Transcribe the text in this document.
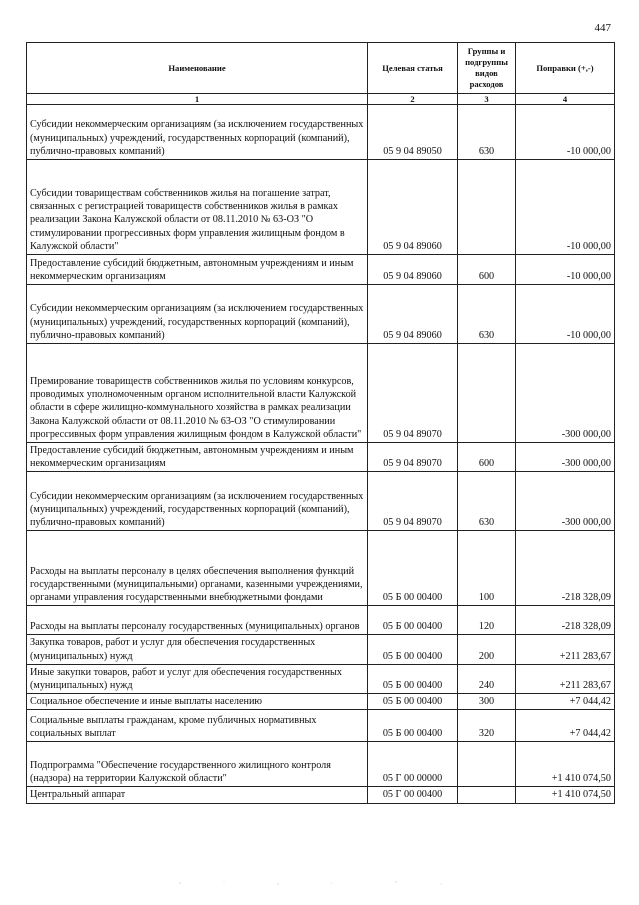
447
Наименование	Целевая статья	Группы и подгруппы видов расходов	Поправки (+,-)
1	2	3	4
Субсидии некоммерческим организациям (за исключением государственных (муниципальных) учреждений, государственных корпораций (компаний), публично-правовых компаний)	05 9 04 89050	630	-10 000,00
Субсидии товариществам собственников жилья на погашение затрат, связанных с регистрацией товариществ собственников жилья в рамках реализации Закона Калужской области от 08.11.2010 № 63-ОЗ "О стимулировании прогрессивных форм управления жилищным фондом в Калужской области"	05 9 04 89060		-10 000,00
Предоставление субсидий бюджетным, автономным учреждениям и иным некоммерческим организациям	05 9 04 89060	600	-10 000,00
Субсидии некоммерческим организациям (за исключением государственных (муниципальных) учреждений, государственных корпораций (компаний), публично-правовых компаний)	05 9 04 89060	630	-10 000,00
Премирование товариществ собственников жилья по условиям конкурсов, проводимых уполномоченным органом исполнительной власти Калужской области в сфере жилищно-коммунального хозяйства в рамках реализации Закона Калужской области от 08.11.2010 № 63-ОЗ "О стимулировании прогрессивных форм управления жилищным фондом в Калужской области"	05 9 04 89070		-300 000,00
Предоставление субсидий бюджетным, автономным учреждениям и иным некоммерческим организациям	05 9 04 89070	600	-300 000,00
Субсидии некоммерческим организациям (за исключением государственных (муниципальных) учреждений, государственных корпораций (компаний), публично-правовых компаний)	05 9 04 89070	630	-300 000,00
Расходы на выплаты персоналу в целях обеспечения выполнения функций государственными (муниципальными) органами, казенными учреждениями, органами управления государственными внебюджетными фондами	05 Б 00 00400	100	-218 328,09
Расходы на выплаты персоналу государственных (муниципальных) органов	05 Б 00 00400	120	-218 328,09
Закупка товаров, работ и услуг для обеспечения государственных (муниципальных) нужд	05 Б 00 00400	200	+211 283,67
Иные закупки товаров, работ и услуг для обеспечения государственных (муниципальных) нужд	05 Б 00 00400	240	+211 283,67
Социальное обеспечение и иные выплаты населению	05 Б 00 00400	300	+7 044,42
Социальные выплаты гражданам, кроме публичных нормативных социальных выплат	05 Б 00 00400	320	+7 044,42
Подпрограмма "Обеспечение государственного жилищного контроля (надзора) на территории Калужской области"	05 Г 00 00000		+1 410 074,50
Центральный аппарат	05 Г 00 00400		+1 410 074,50
